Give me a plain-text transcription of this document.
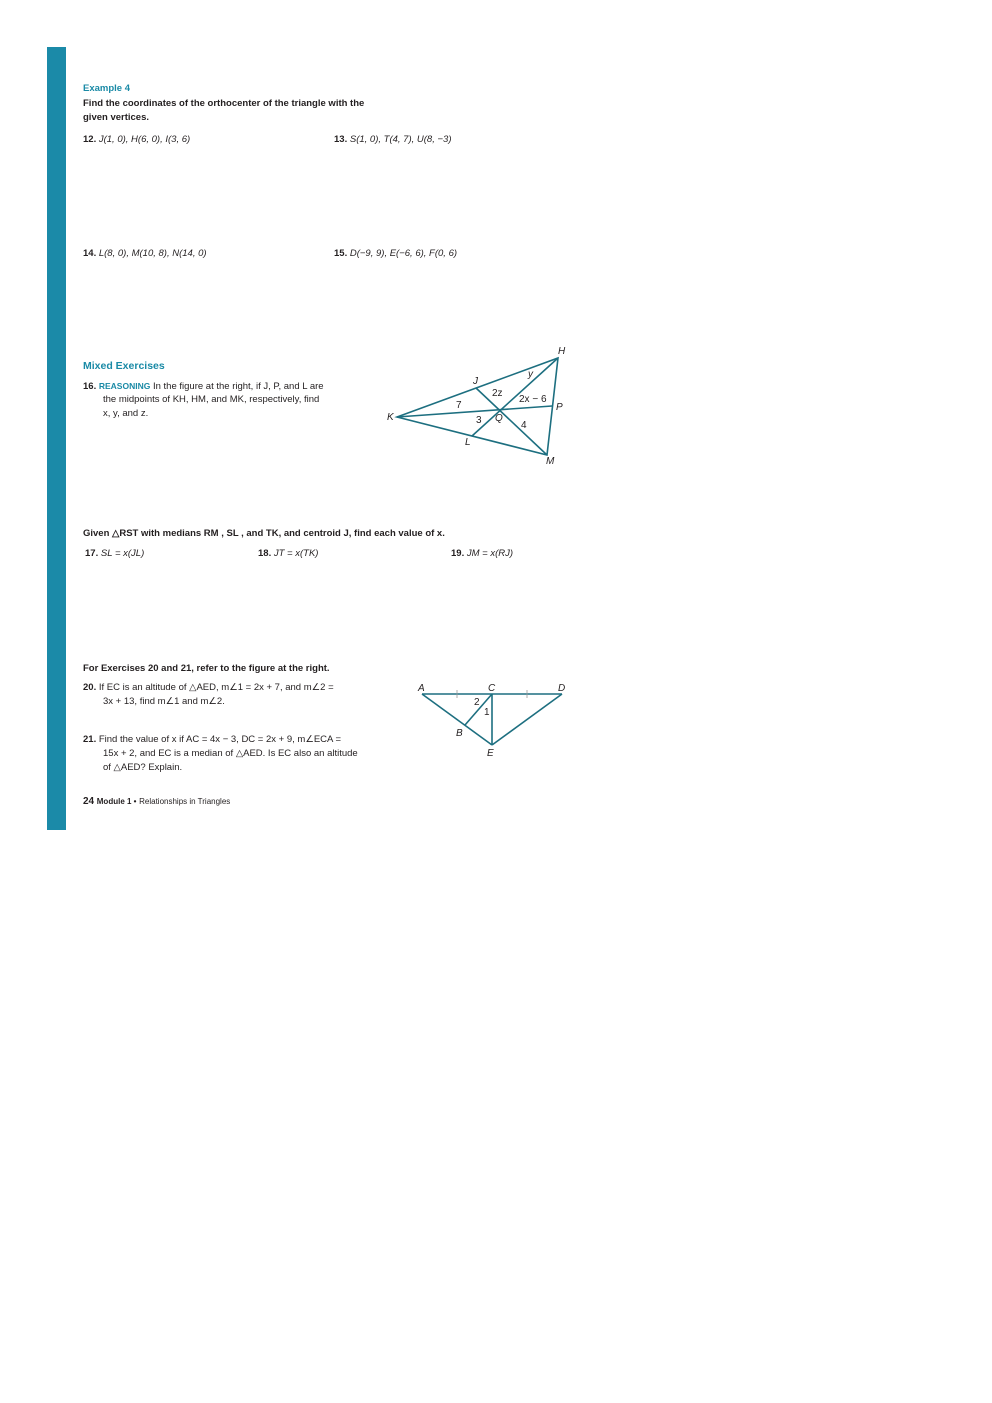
Example 4
Find the coordinates of the orthocenter of the triangle with the
given vertices.
12. J(1, 0), H(6, 0), I(3, 6)	13. S(1, 0), T(4, 7), U(8, −3)
14. L(8, 0), M(10, 8), N(14, 0)	15. D(−9, 9), E(−6, 6), F(0, 6)
Mixed Exercises
16. REASONING In the figure at the right, if J, P, and L are
the midpoints of KH, HM, and MK, respectively, find
x, y, and z.
H
J
y
2z
7
2x − 6
P
K	3 Q
4
L
M
Given △RST with medians RM , SL , and TK, and centroid J, find each value of x.
17. SL = x(JL)	18. JT = x(TK)	19. JM = x(RJ)
For Exercises 20 and 21, refer to the figure at the right.
20. If EC is an altitude of △AED, m∠1 = 2x + 7, and m∠2 =
3x + 13, find m∠1 and m∠2.
21. Find the value of x if AC = 4x − 3, DC = 2x + 9, m∠ECA =
15x + 2, and EC is a median of △AED. Is EC also an altitude
of △AED? Explain.
A	C	D
2
1
B
E
24 Module 1 • Relationships in Triangles
